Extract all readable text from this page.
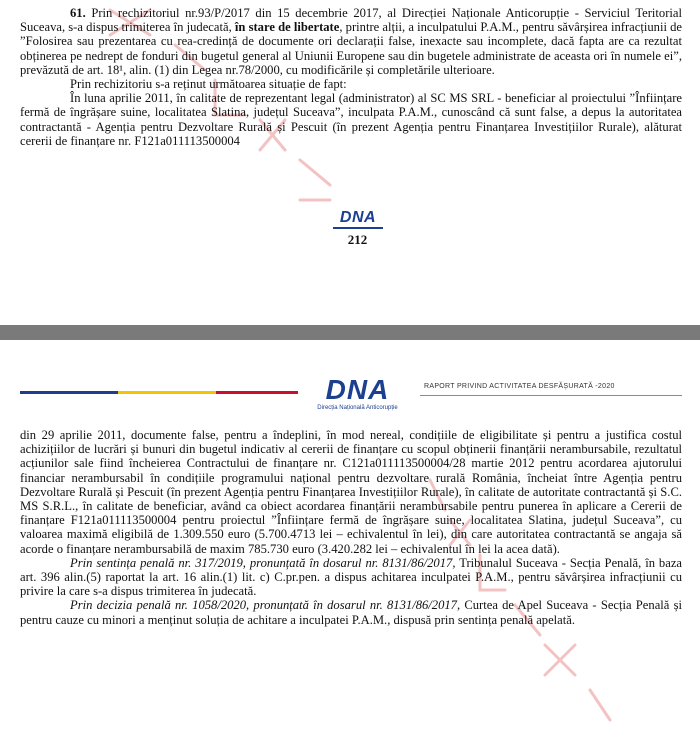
61. Prin rechizitoriul nr.93/P/2017 din 15 decembrie 2017, al Direcției Naționale Anticorupție - Serviciul Teritorial Suceava, s-a dispus trimiterea în judecată, în stare de libertate, printre alții, a inculpatului P.A.M., pentru săvârșirea infracțiunii de ”Folosirea sau prezentarea cu rea-credință de documente ori declarații false, inexacte sau incomplete, dacă fapta are ca rezultat obținerea pe nedrept de fonduri din bugetul general al Uniunii Europene sau din bugetele administrate de aceasta ori în numele ei”, prevăzută de art. 18¹, alin. (1) din Legea nr.78/2000, cu modificările și completările ulterioare.

Prin rechizitoriu s-a reținut următoarea situație de fapt:

În luna aprilie 2011, în calitate de reprezentant legal (administrator) al SC MS SRL - beneficiar al proiectului ”Înființare fermă de îngrășare suine, localitatea Slatina, județul Suceava”, inculpata P.A.M., cunoscând că sunt false, a depus la autoritatea contractantă - Agenția pentru Dezvoltare Rurală și Pescuit (în prezent Agenția pentru Finanțarea Investițiilor Rurale), alăturat cererii de finanțare nr. F121a011113500004

DNA
212
DNA
Direcția Națională Anticorupție
RAPORT PRIVIND ACTIVITATEA DESFĂȘURATĂ -2020

din 29 aprilie 2011, documente false, pentru a îndeplini, în mod nereal, condițiile de eligibilitate și pentru a justifica costul achizițiilor de lucrări și bunuri din bugetul indicativ al cererii de finanțare cu scopul obținerii finanțării nerambursabile, rezultatul acțiunilor sale fiind încheierea Contractului de finanțare nr. C121a011113500004/28 martie 2012 pentru acordarea ajutorului financiar nerambursabil în condițiile programului național pentru dezvoltare rurală România, încheiat între Agenția pentru Dezvoltare Rurală și Pescuit (în prezent Agenția pentru Finanțarea Investițiilor Rurale), în calitate de autoritate contractantă și S.C. MS S.R.L., în calitate de beneficiar, având ca obiect acordarea finanțării nerambursabile pentru punerea în aplicare a Cererii de finanțare F121a011113500004 pentru proiectul ”Înființare fermă de îngrășare suine, localitatea Slatina, județul Suceava”, cu valoarea maximă eligibilă de 1.309.550 euro (5.700.4713 lei – echivalentul în lei), din care autoritatea contractantă se angaja să acorde o finanțare nerambursabilă de maxim 785.730 euro (3.420.282 lei – echivalentul în lei la acea dată).

Prin sentința penală nr. 317/2019, pronunțată în dosarul nr. 8131/86/2017, Tribunalul Suceava - Secția Penală, în baza art. 396 alin.(5) raportat la art. 16 alin.(1) lit. c) C.pr.pen. a dispus achitarea inculpatei P.A.M., pentru săvârșirea infracțiunii cu privire la care s-a dispus trimiterea în judecată.

Prin decizia penală nr. 1058/2020, pronunțată în dosarul nr. 8131/86/2017, Curtea de Apel Suceava - Secția Penală și pentru cauze cu minori a menținut soluția de achitare a inculpatei P.A.M., dispusă prin sentința penală apelată.
